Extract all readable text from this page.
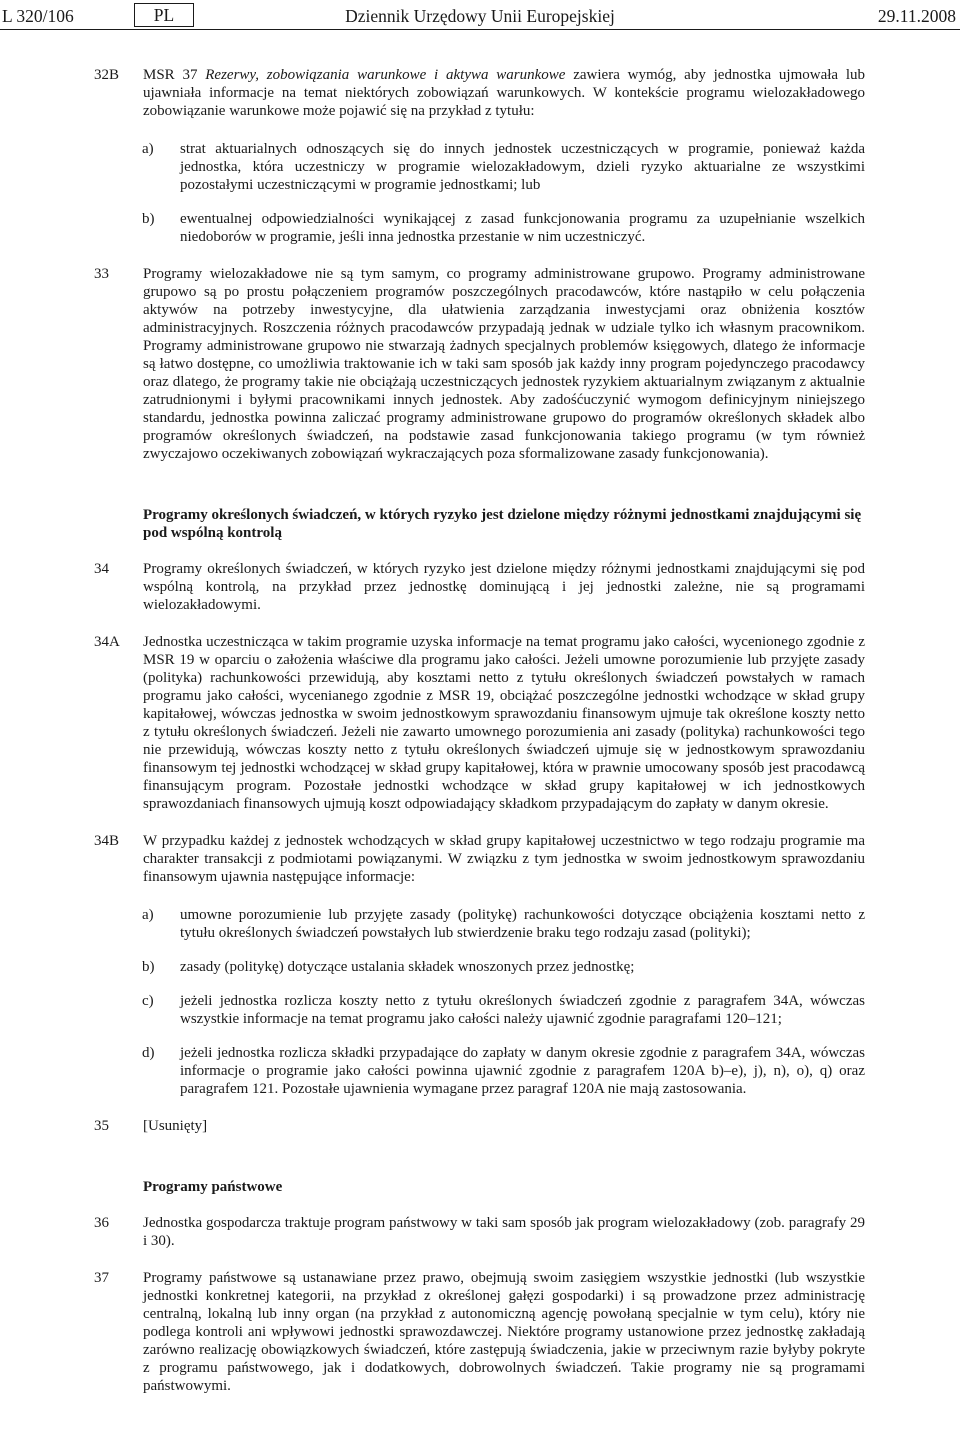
L 320/106	PL	Dziennik Urzędowy Unii Europejskiej	29.11.2008
32B MSR 37 Rezerwy, zobowiązania warunkowe i aktywa warunkowe zawiera wymóg, aby jednostka ujmowała lub ujawniała informacje na temat niektórych zobowiązań warunkowych. W kontekście programu wielozakładowego zobowiązanie warunkowe może pojawić się na przykład z tytułu:
a) strat aktuarialnych odnoszących się do innych jednostek uczestniczących w programie, ponieważ każda jednostka, która uczestniczy w programie wielozakładowym, dzieli ryzyko aktuarialne ze wszystkimi pozostałymi uczestniczącymi w programie jednostkami; lub
b) ewentualnej odpowiedzialności wynikającej z zasad funkcjonowania programu za uzupełnianie wszelkich niedoborów w programie, jeśli inna jednostka przestanie w nim uczestniczyć.
33 Programy wielozakładowe nie są tym samym, co programy administrowane grupowo. Programy administrowane grupowo są po prostu połączeniem programów poszczególnych pracodawców, które nastąpiło w celu połączenia aktywów na potrzeby inwestycyjne, dla ułatwienia zarządzania inwestycjami oraz obniżenia kosztów administracyjnych. Roszczenia różnych pracodawców przypadają jednak w udziale tylko ich własnym pracownikom. Programy administrowane grupowo nie stwarzają żadnych specjalnych problemów księgowych, dlatego że informacje są łatwo dostępne, co umożliwia traktowanie ich w taki sam sposób jak każdy inny program pojedynczego pracodawcy oraz dlatego, że programy takie nie obciążają uczestniczących jednostek ryzykiem aktuarialnym związanym z aktualnie zatrudnionymi i byłymi pracownikami innych jednostek. Aby zadośćuczynić wymogom definicyjnym niniejszego standardu, jednostka powinna zaliczać programy administrowane grupowo do programów określonych składek albo programów określonych świadczeń, na podstawie zasad funkcjonowania takiego programu (w tym również zwyczajowo oczekiwanych zobowiązań wykraczających poza sformalizowane zasady funkcjonowania).
Programy określonych świadczeń, w których ryzyko jest dzielone między różnymi jednostkami znajdującymi się pod wspólną kontrolą
34 Programy określonych świadczeń, w których ryzyko jest dzielone między różnymi jednostkami znajdującymi się pod wspólną kontrolą, na przykład przez jednostkę dominującą i jej jednostki zależne, nie są programami wielozakładowymi.
34A Jednostka uczestnicząca w takim programie uzyska informacje na temat programu jako całości, wycenionego zgodnie z MSR 19 w oparciu o założenia właściwe dla programu jako całości. Jeżeli umowne porozumienie lub przyjęte zasady (polityka) rachunkowości przewidują, aby kosztami netto z tytułu określonych świadczeń powstałych w ramach programu jako całości, wycenianego zgodnie z MSR 19, obciążać poszczególne jednostki wchodzące w skład grupy kapitałowej, wówczas jednostka w swoim jednostkowym sprawozdaniu finansowym ujmuje tak określone koszty netto z tytułu określonych świadczeń. Jeżeli nie zawarto umownego porozumienia ani zasady (polityka) rachunkowości tego nie przewidują, wówczas koszty netto z tytułu określonych świadczeń ujmuje się w jednostkowym sprawozdaniu finansowym tej jednostki wchodzącej w skład grupy kapitałowej, która w prawnie umocowany sposób jest pracodawcą finansującym program. Pozostałe jednostki wchodzące w skład grupy kapitałowej w ich jednostkowych sprawozdaniach finansowych ujmują koszt odpowiadający składkom przypadającym do zapłaty w danym okresie.
34B W przypadku każdej z jednostek wchodzących w skład grupy kapitałowej uczestnictwo w tego rodzaju programie ma charakter transakcji z podmiotami powiązanymi. W związku z tym jednostka w swoim jednostkowym sprawozdaniu finansowym ujawnia następujące informacje:
a) umowne porozumienie lub przyjęte zasady (politykę) rachunkowości dotyczące obciążenia kosztami netto z tytułu określonych świadczeń powstałych lub stwierdzenie braku tego rodzaju zasad (polityki);
b) zasady (politykę) dotyczące ustalania składek wnoszonych przez jednostkę;
c) jeżeli jednostka rozlicza koszty netto z tytułu określonych świadczeń zgodnie z paragrafem 34A, wówczas wszystkie informacje na temat programu jako całości należy ujawnić zgodnie paragrafami 120–121;
d) jeżeli jednostka rozlicza składki przypadające do zapłaty w danym okresie zgodnie z paragrafem 34A, wówczas informacje o programie jako całości powinna ujawnić zgodnie z paragrafem 120A b)–e), j), n), o), q) oraz paragrafem 121. Pozostałe ujawnienia wymagane przez paragraf 120A nie mają zastosowania.
35 [Usunięty]
Programy państwowe
36 Jednostka gospodarcza traktuje program państwowy w taki sam sposób jak program wielozakładowy (zob. paragrafy 29 i 30).
37 Programy państwowe są ustanawiane przez prawo, obejmują swoim zasięgiem wszystkie jednostki (lub wszystkie jednostki konkretnej kategorii, na przykład z określonej gałęzi gospodarki) i są prowadzone przez administrację centralną, lokalną lub inny organ (na przykład z autonomiczną agencję powołaną specjalnie w tym celu), który nie podlega kontroli ani wpływowi jednostki sprawozdawczej. Niektóre programy ustanowione przez jednostkę zakładają zarówno realizację obowiązkowych świadczeń, które zastępują świadczenia, jakie w przeciwnym razie byłyby pokryte z programu państwowego, jak i dodatkowych, dobrowolnych świadczeń. Takie programy nie są programami państwowymi.
